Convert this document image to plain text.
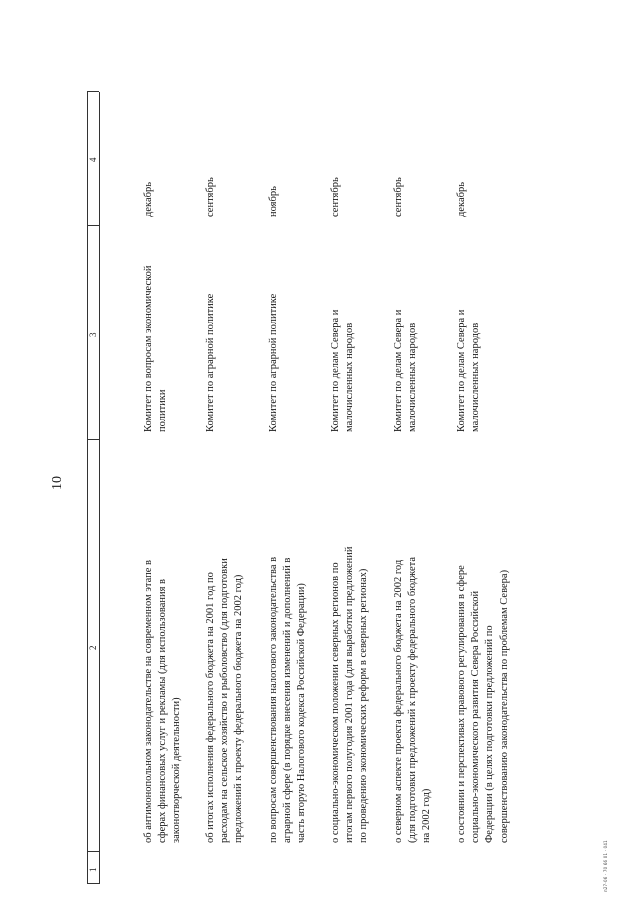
10
1
2
3
4
об антимонопольном законодательстве на современном этапе в сферах финансовых услуг и рекламы (для использования в законотворческой деятельности)
Комитет по вопросам экономической политики
декабрь
об итогах исполнения федерального бюджета на 2001 год по расходам на сельское хозяйство и рыболовство (для подготовки предложений к проекту федерального бюджета на 2002 год)
Комитет по аграрной политике
сентябрь
по вопросам совершенствования налогового законодательства в аграрной сфере (в порядке внесения изменений и дополнений в часть вторую Налогового кодекса Российской Федерации)
Комитет по аграрной политике
ноябрь
о социально-экономическом положении северных регионов по итогам первого полугодия 2001 года (для выработки предложений по проведению экономических реформ в северных регионах)
Комитет по делам Севера и малочисленных народов
сентябрь
о северном аспекте проекта федерального бюджета на 2002 год (для подготовки предложений к проекту федерального бюджета на 2002 год)
Комитет по делам Севера и малочисленных народов
сентябрь
о состоянии и перспективах правового регулирования в сфере социально-экономического развития Севера Российской Федерации (в целях подготовки предложений по совершенствованию законодательства по проблемам Севера)
Комитет по делам Севера и малочисленных народов
декабрь
п27-06 · 70 66 01 · 041
